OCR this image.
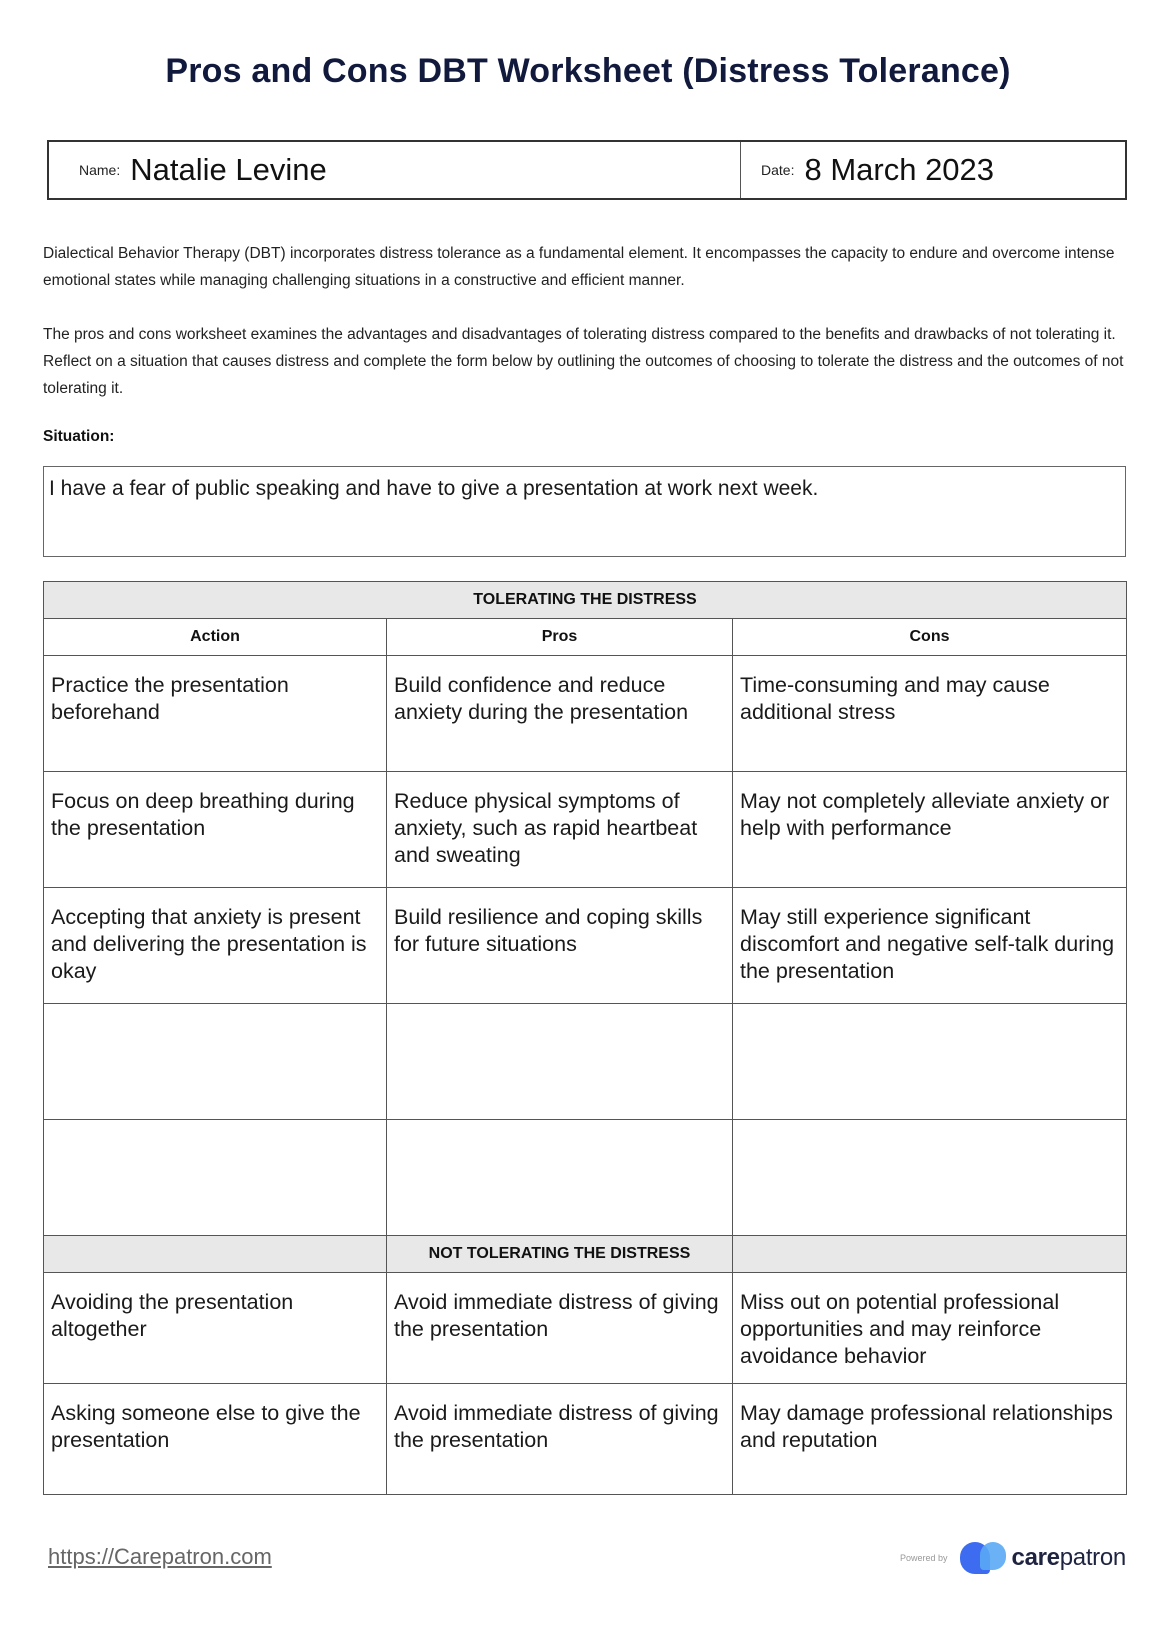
Pros and Cons DBT Worksheet (Distress Tolerance)
Name: Natalie Levine	Date: 8 March 2023
Dialectical Behavior Therapy (DBT) incorporates distress tolerance as a fundamental element. It encompasses the capacity to endure and overcome intense emotional states while managing challenging situations in a constructive and efficient manner.
The pros and cons worksheet examines the advantages and disadvantages of tolerating distress compared to the benefits and drawbacks of not tolerating it. Reflect on a situation that causes distress and complete the form below by outlining the outcomes of choosing to tolerate the distress and the outcomes of not tolerating it.
Situation:
I have a fear of public speaking and have to give a presentation at work next week.
TOLERATING THE DISTRESS		
Action	Pros	Cons
Practice the presentation beforehand	Build confidence and reduce anxiety during the presentation	Time-consuming and may cause additional stress
Focus on deep breathing during the presentation	Reduce physical symptoms of anxiety, such as rapid heartbeat and sweating	May not completely alleviate anxiety or help with performance
Accepting that anxiety is present and delivering the presentation is okay	Build resilience and coping skills for future situations	May still experience significant discomfort and negative self-talk during the presentation

	NOT TOLERATING THE DISTRESS	
Avoiding the presentation altogether	Avoid immediate distress of giving the presentation	Miss out on potential professional opportunities and may reinforce avoidance behavior
Asking someone else to give the presentation	Avoid immediate distress of giving the presentation	May damage professional relationships and reputation
https://Carepatron.com	Powered by	carepatron
